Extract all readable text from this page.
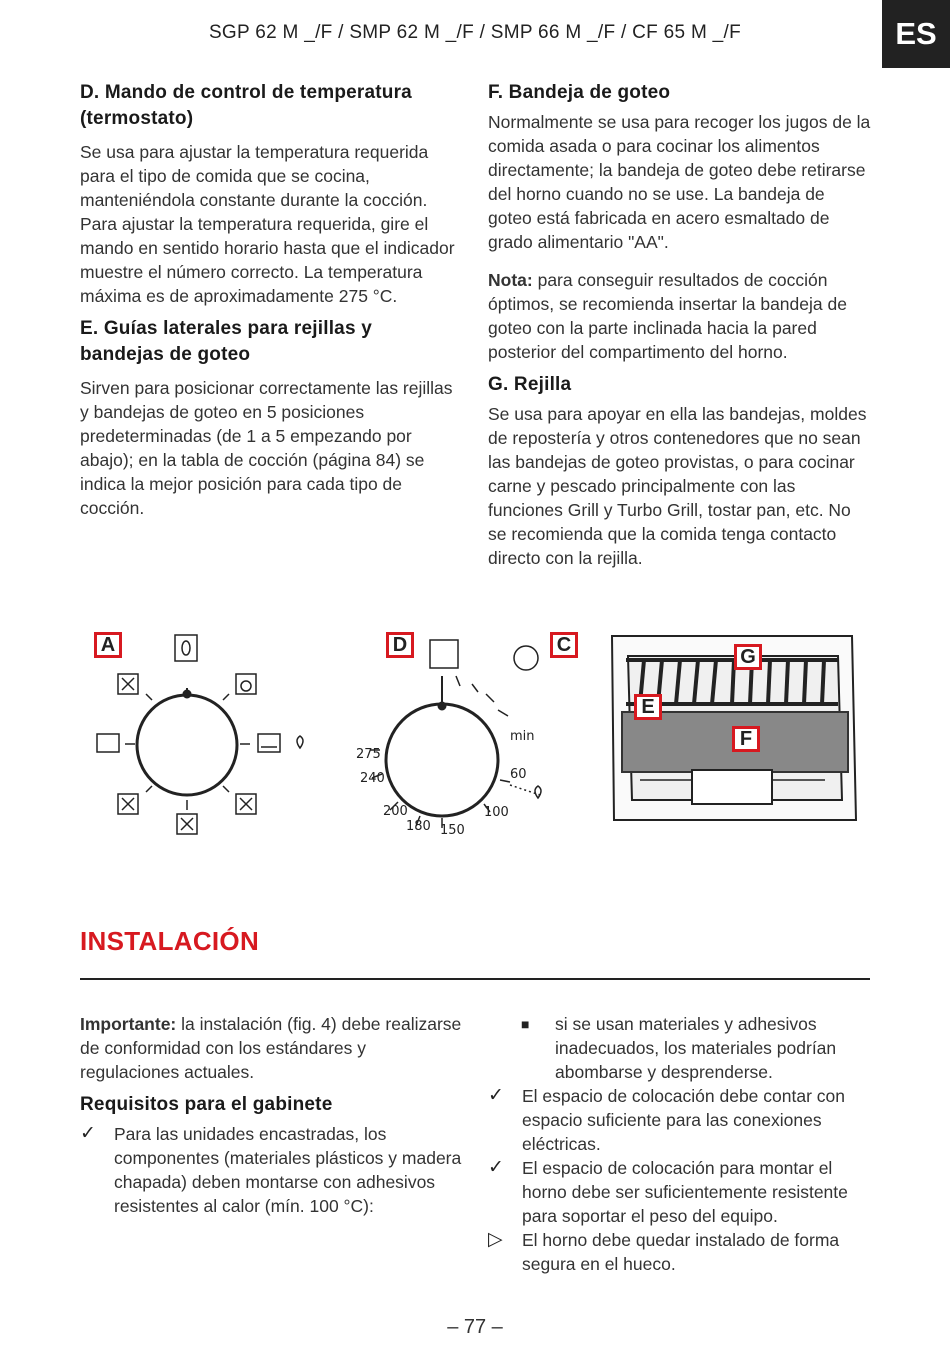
SGP 62 M _/F / SMP 62 M _/F / SMP 66 M _/F / CF 65 M _/F	ES
D. Mando de control de temperatura (termostato)

Se usa para ajustar la temperatura requerida para el tipo de comida que se cocina, manteniéndola constante durante la cocción. Para ajustar la temperatura requerida, gire el mando en sentido horario hasta que el indicador muestre el número correcto. La temperatura máxima es de aproximadamente 275 °C.

E. Guías laterales para rejillas y bandejas de goteo

Sirven para posicionar correctamente las rejillas y bandejas de goteo en 5 posiciones predeterminadas (de 1 a 5 empezando por abajo); en la tabla de cocción (página 84) se indica la mejor posición para cada tipo de cocción.

F. Bandeja de goteo

Normalmente se usa para recoger los jugos de la comida asada o para cocinar los alimentos directamente; la bandeja de goteo debe retirarse del horno cuando no se use. La bandeja de goteo está fabricada en acero esmaltado de grado alimentario "AA".

Nota: para conseguir resultados de cocción óptimos, se recomienda insertar la bandeja de goteo con la parte inclinada hacia la pared posterior del compartimento del horno.

G. Rejilla

Se usa para apoyar en ella las bandejas, moldes de repostería y otros contenedores que no sean las bandejas de goteo provistas, o para cocinar carne y pescado principalmente con las funciones Grill y Turbo Grill, tostar pan, etc. No se recomienda que la comida tenga contacto directo con la rejilla.

275
240
200
180 150
100
60
min
A	D	C
G
E
F
INSTALACIÓN

Importante: la instalación (fig. 4) debe realizarse de conformidad con los estándares y regulaciones actuales.

Requisitos para el gabinete
✓ Para las unidades encastradas, los componentes (materiales plásticos y madera chapada) deben montarse con adhesivos resistentes al calor (mín. 100 °C):

■ si se usan materiales y adhesivos inadecuados, los materiales podrían abombarse y desprenderse.

✓ El espacio de colocación debe contar con espacio suficiente para las conexiones eléctricas.

✓ El espacio de colocación para montar el horno debe ser suficientemente resistente para soportar el peso del equipo.

▷ El horno debe quedar instalado de forma segura en el hueco.

– 77 –
